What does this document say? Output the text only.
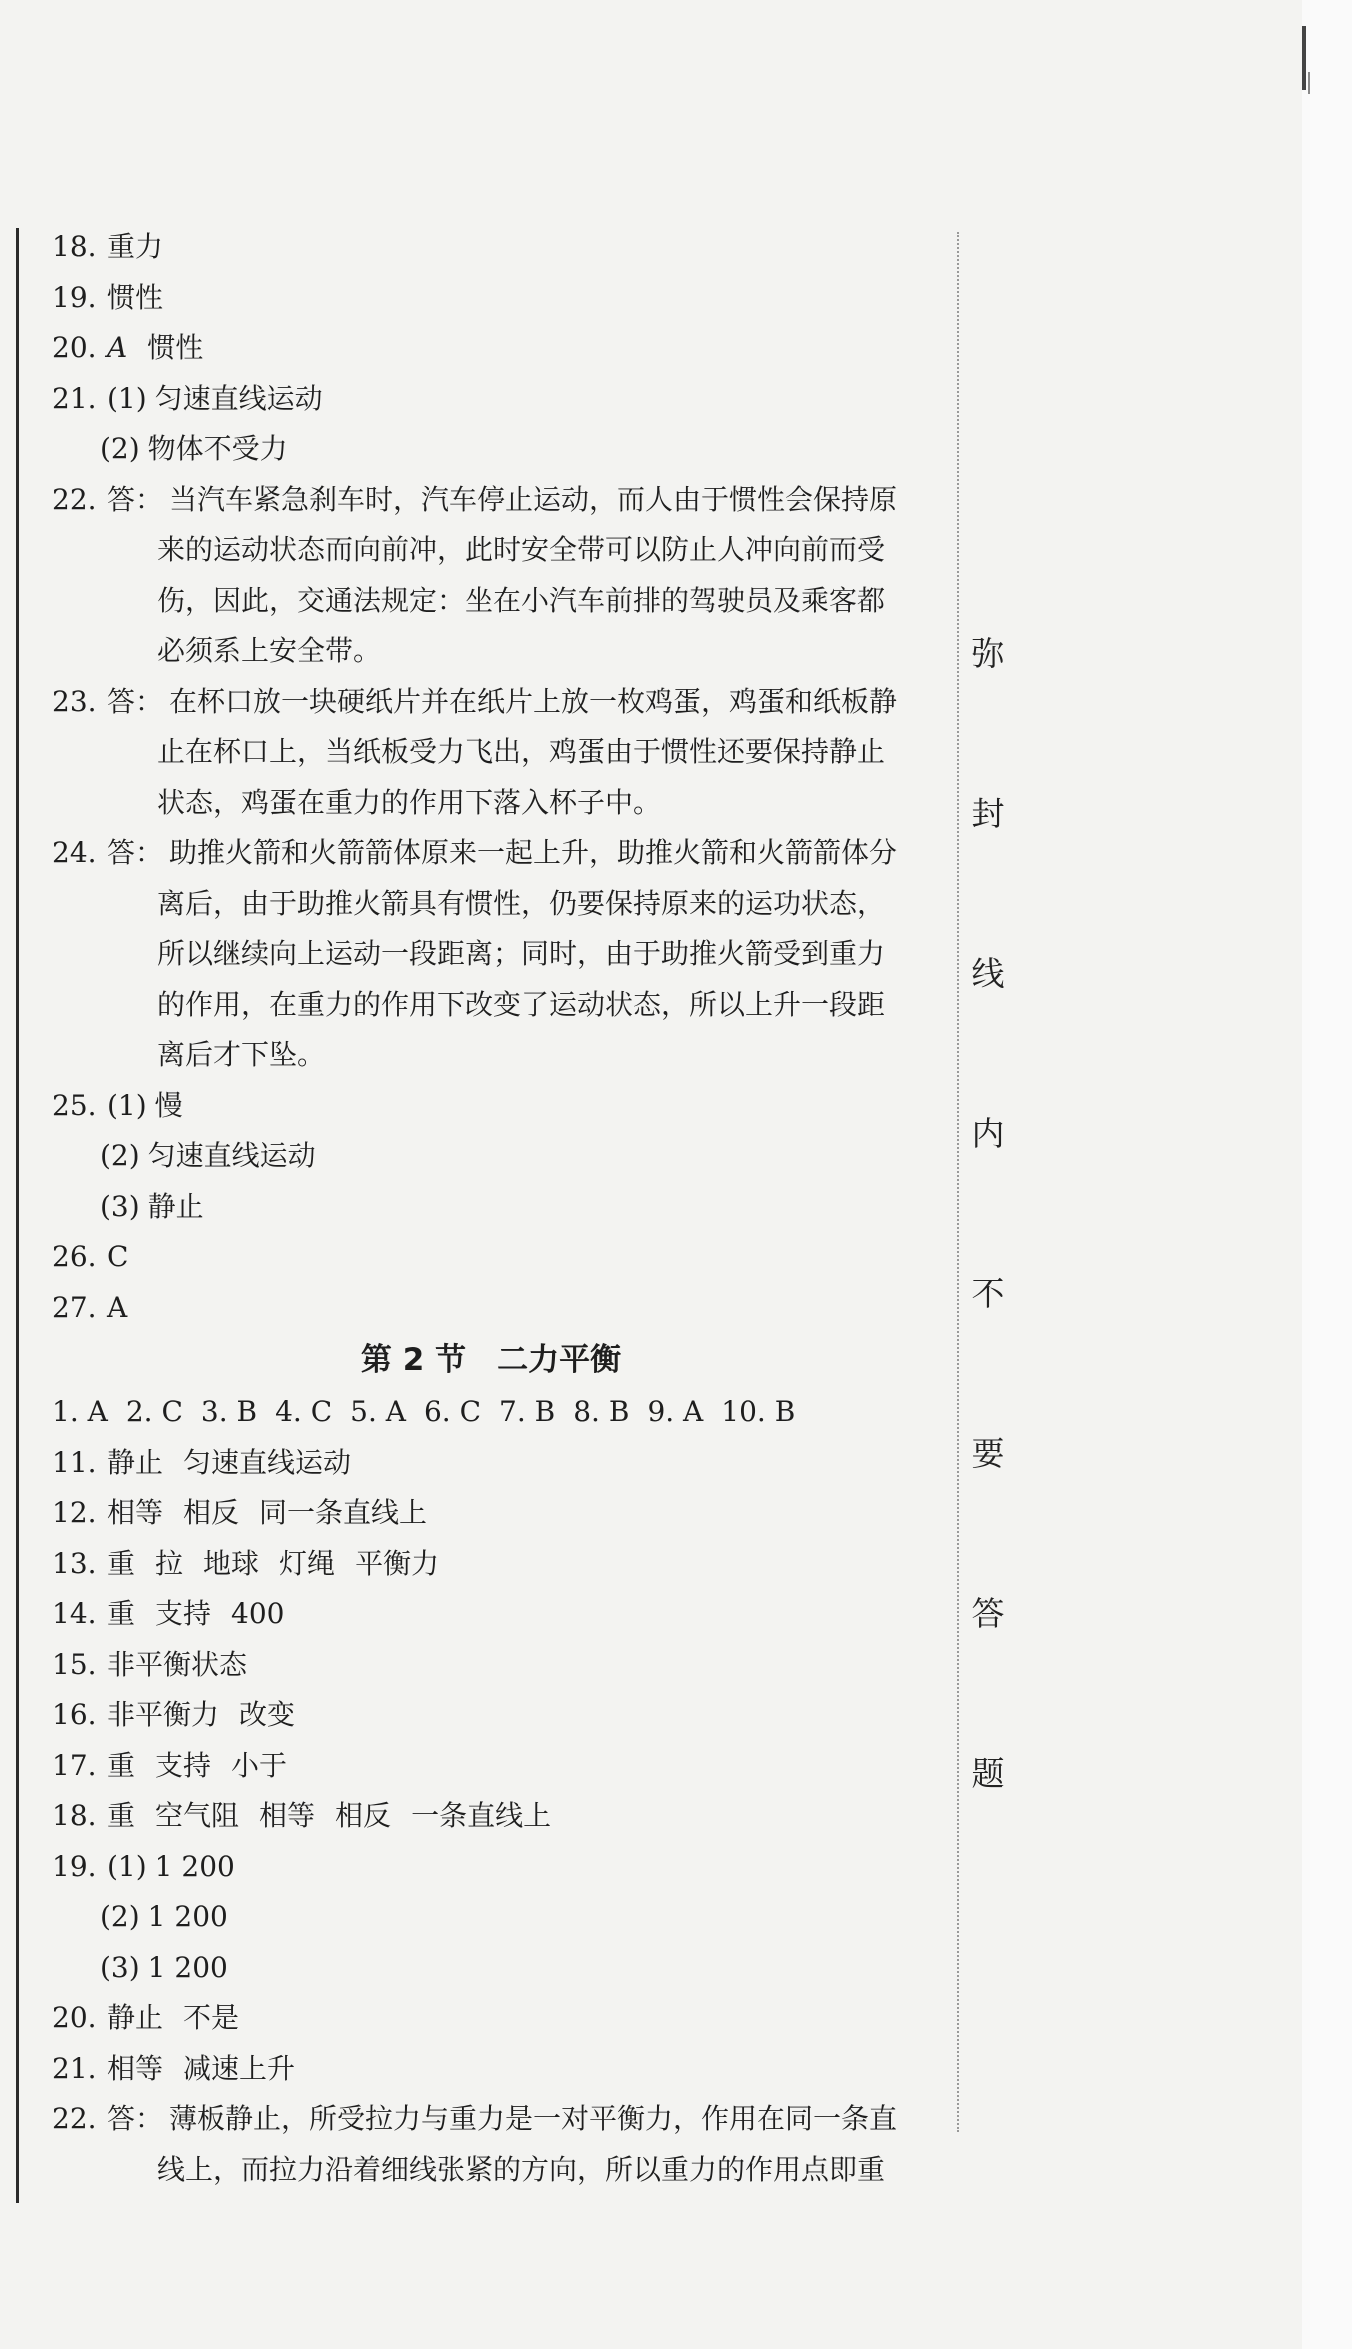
弥
封
线
内
不
要
答
题
18. 重力
19. 惯性
20. A 惯性
21. (1) 匀速直线运动
(2) 物体不受力
22. 答： 当汽车紧急刹车时，汽车停止运动，而人由于惯性会保持原
来的运动状态而向前冲，此时安全带可以防止人冲向前而受
伤，因此，交通法规定：坐在小汽车前排的驾驶员及乘客都
必须系上安全带。
23. 答： 在杯口放一块硬纸片并在纸片上放一枚鸡蛋，鸡蛋和纸板静
止在杯口上，当纸板受力飞出，鸡蛋由于惯性还要保持静止
状态，鸡蛋在重力的作用下落入杯子中。
24. 答： 助推火箭和火箭箭体原来一起上升，助推火箭和火箭箭体分
离后，由于助推火箭具有惯性，仍要保持原来的运功状态，
所以继续向上运动一段距离；同时，由于助推火箭受到重力
的作用，在重力的作用下改变了运动状态，所以上升一段距
离后才下坠。
25. (1) 慢
(2) 匀速直线运动
(3) 静止
26. C
27. A
第 2 节　二力平衡
1. A 2. C 3. B 4. C 5. A 6. C 7. B 8. B 9. A 10. B
11. 静止 匀速直线运动
12. 相等 相反 同一条直线上
13. 重 拉 地球 灯绳 平衡力
14. 重 支持 400
15. 非平衡状态
16. 非平衡力 改变
17. 重 支持 小于
18. 重 空气阻 相等 相反 一条直线上
19. (1) 1 200
(2) 1 200
(3) 1 200
20. 静止 不是
21. 相等 减速上升
22. 答： 薄板静止，所受拉力与重力是一对平衡力，作用在同一条直
线上，而拉力沿着细线张紧的方向，所以重力的作用点即重
